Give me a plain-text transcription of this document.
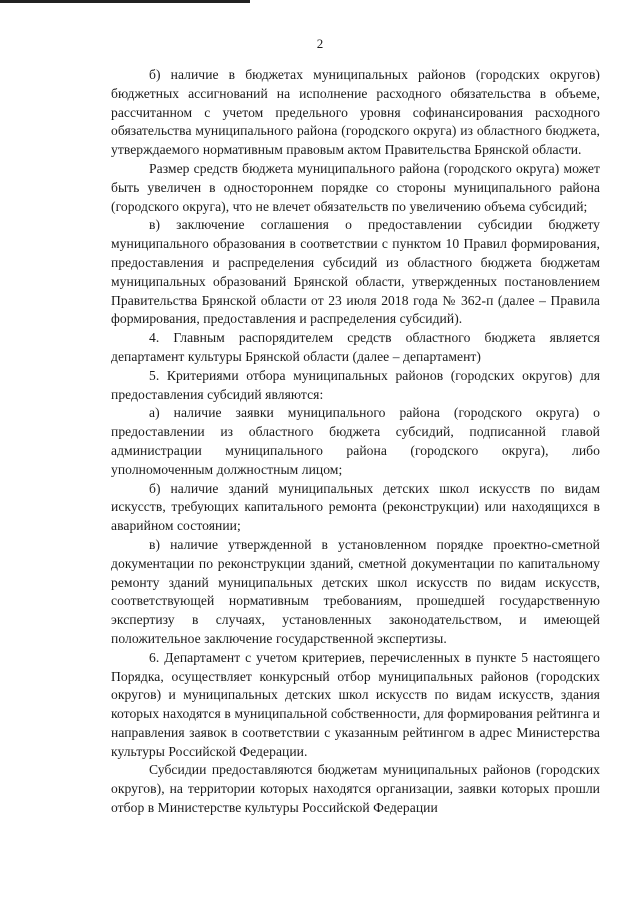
2

б) наличие в бюджетах муниципальных районов (городских округов) бюджетных ассигнований на исполнение расходного обязательства в объеме, рассчитанном с учетом предельного уровня софинансирования расходного обязательства муниципального района (городского округа) из областного бюджета, утверждаемого нормативным правовым актом Правительства Брянской области.

Размер средств бюджета муниципального района (городского округа) может быть увеличен в одностороннем порядке со стороны муниципального района (городского округа), что не влечет обязательств по увеличению объема субсидий;

в) заключение соглашения о предоставлении субсидии бюджету муниципального образования в соответствии с пунктом 10 Правил формирования, предоставления и распределения субсидий из областного бюджета бюджетам муниципальных образований Брянской области, утвержденных постановлением Правительства Брянской области от 23 июля 2018 года № 362-п (далее – Правила формирования, предоставления и распределения субсидий).

4. Главным распорядителем средств областного бюджета является департамент культуры Брянской области (далее – департамент)

5. Критериями отбора муниципальных районов (городских округов) для предоставления субсидий являются:

а) наличие заявки муниципального района (городского округа) о предоставлении из областного бюджета субсидий, подписанной главой администрации муниципального района (городского округа), либо уполномоченным должностным лицом;

б) наличие зданий муниципальных детских школ искусств по видам искусств, требующих капитального ремонта (реконструкции) или находящихся в аварийном состоянии;

в) наличие утвержденной в установленном порядке проектно-сметной документации по реконструкции зданий, сметной документации по капитальному ремонту зданий муниципальных детских школ искусств по видам искусств, соответствующей нормативным требованиям, прошедшей государственную экспертизу в случаях, установленных законодательством, и имеющей положительное заключение государственной экспертизы.

6. Департамент с учетом критериев, перечисленных в пункте 5 настоящего Порядка, осуществляет конкурсный отбор муниципальных районов (городских округов) и муниципальных детских школ искусств по видам искусств, здания которых находятся в муниципальной собственности, для формирования рейтинга и направления заявок в соответствии с указанным рейтингом в адрес Министерства культуры Российской Федерации.

Субсидии предоставляются бюджетам муниципальных районов (городских округов), на территории которых находятся организации, заявки которых прошли отбор в Министерстве культуры Российской Федерации
